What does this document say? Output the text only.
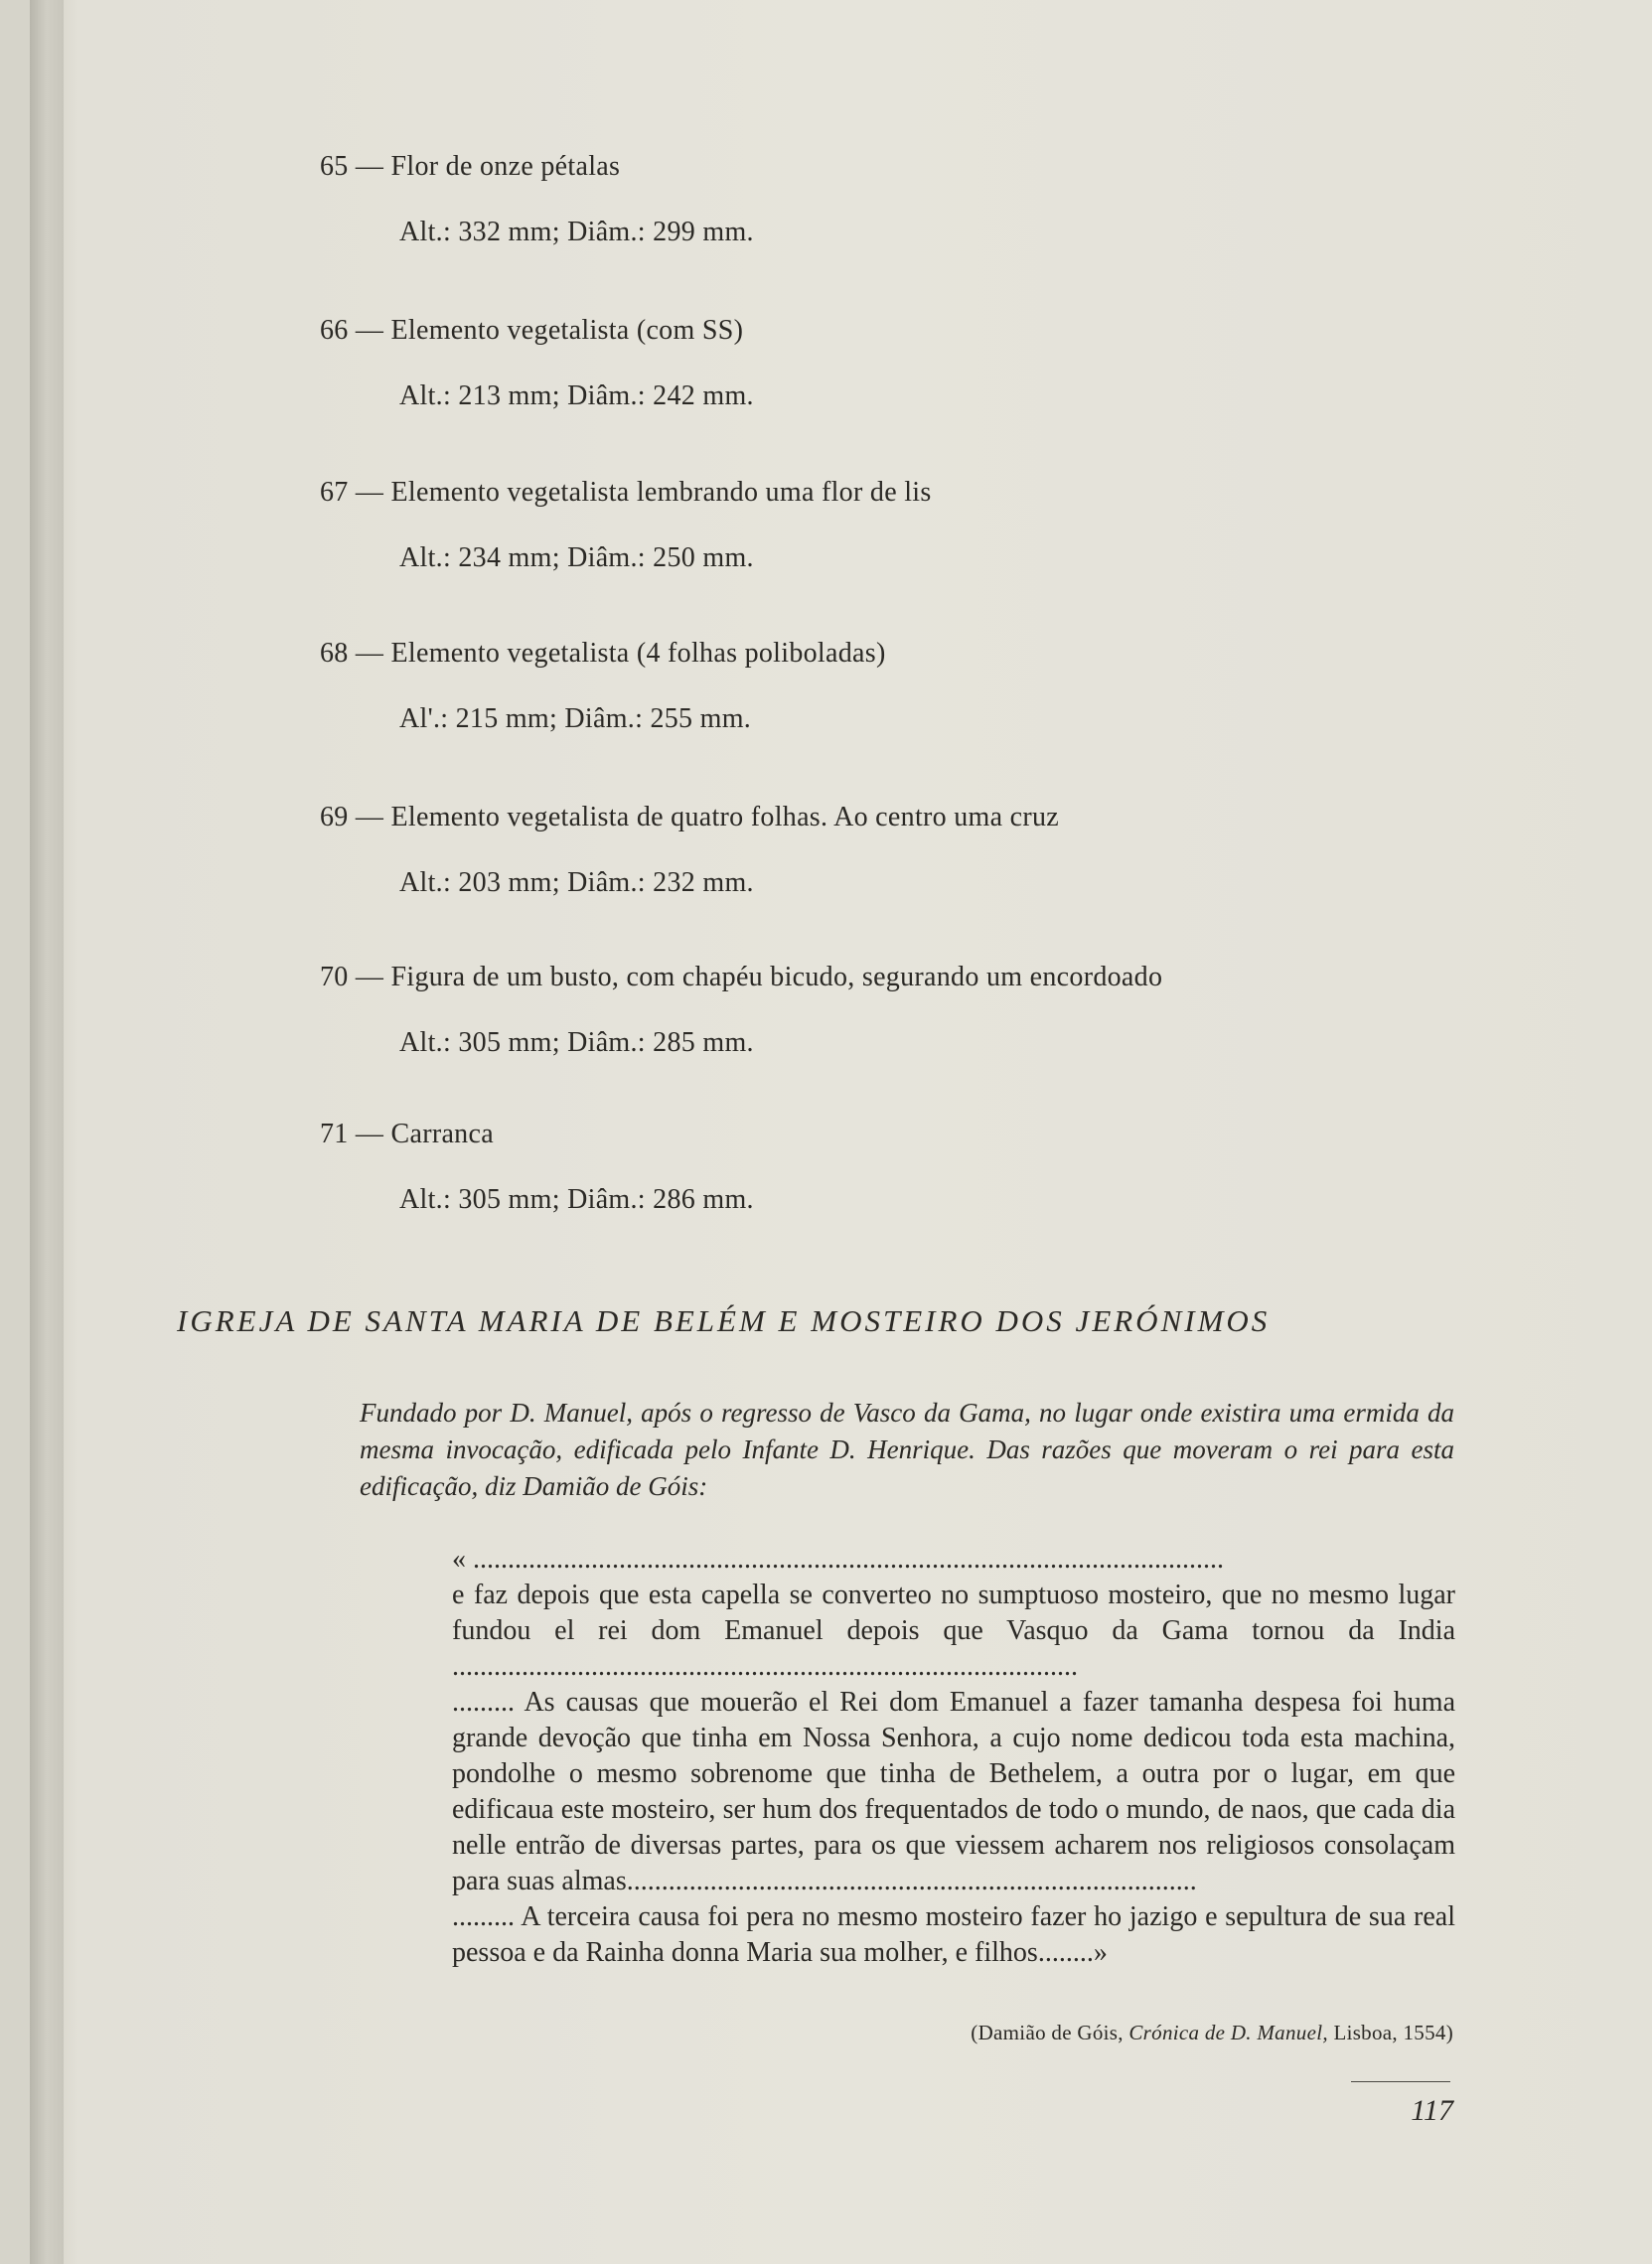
65 — Flor de onze pétalas
Alt.: 332 mm; Diâm.: 299 mm.
66 — Elemento vegetalista (com SS)
Alt.: 213 mm; Diâm.: 242 mm.
67 — Elemento vegetalista lembrando uma flor de lis
Alt.: 234 mm; Diâm.: 250 mm.
68 — Elemento vegetalista (4 folhas poliboladas)
Al'.: 215 mm; Diâm.: 255 mm.
69 — Elemento vegetalista de quatro folhas. Ao centro uma cruz
Alt.: 203 mm; Diâm.: 232 mm.
70 — Figura de um busto, com chapéu bicudo, segurando um encordoado
Alt.: 305 mm; Diâm.: 285 mm.
71 — Carranca
Alt.: 305 mm; Diâm.: 286 mm.
IGREJA DE SANTA MARIA DE BELÉM E MOSTEIRO DOS JERÓNIMOS
Fundado por D. Manuel, após o regresso de Vasco da Gama, no lugar onde existira uma ermida da mesma invocação, edificada pelo Infante D. Henrique. Das razões que moveram o rei para esta edificação, diz Damião de Góis:

« ............................................................................................................

e faz depois que esta capella se converteo no sumptuoso mosteiro, que no mesmo lugar fundou el rei dom Emanuel depois que Vasquo da Gama tornou da India ..........................................................................................

......... As causas que mouerão el Rei dom Emanuel a fazer tamanha despesa foi huma grande devoção que tinha em Nossa Senhora, a cujo nome dedicou toda esta machina, pondolhe o mesmo sobrenome que tinha de Bethelem, a outra por o lugar, em que edificaua este mosteiro, ser hum dos frequentados de todo o mundo, de naos, que cada dia nelle entrão de diversas partes, para os que viessem acharem nos religiosos consolaçam para suas almas..................................................................................

......... A terceira causa foi pera no mesmo mosteiro fazer ho jazigo e sepultura de sua real pessoa e da Rainha donna Maria sua molher, e filhos........»

(Damião de Góis, Crónica de D. Manuel, Lisboa, 1554)
117
